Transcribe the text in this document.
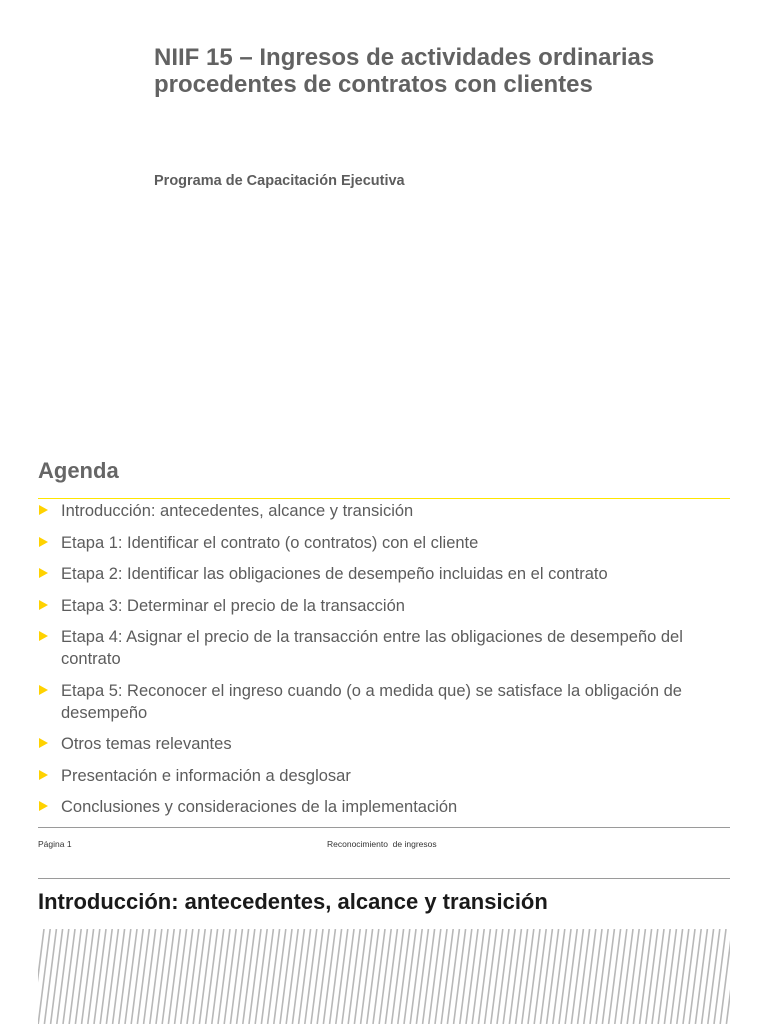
NIIF 15 – Ingresos de actividades ordinarias procedentes de contratos con clientes

Programa de Capacitación Ejecutiva

Agenda
Introducción: antecedentes, alcance y transición
Etapa 1: Identificar el contrato (o contratos) con el cliente
Etapa 2: Identificar las obligaciones de desempeño incluidas en el contrato
Etapa 3: Determinar el precio de la transacción
Etapa 4: Asignar el precio de la transacción entre las obligaciones de desempeño del contrato
Etapa 5: Reconocer el ingreso cuando (o a medida que) se satisface la obligación de desempeño
Otros temas relevantes
Presentación e información a desglosar
Conclusiones y consideraciones de la implementación
Página 1	Reconocimiento  de ingresos
Introducción: antecedentes, alcance y transición
